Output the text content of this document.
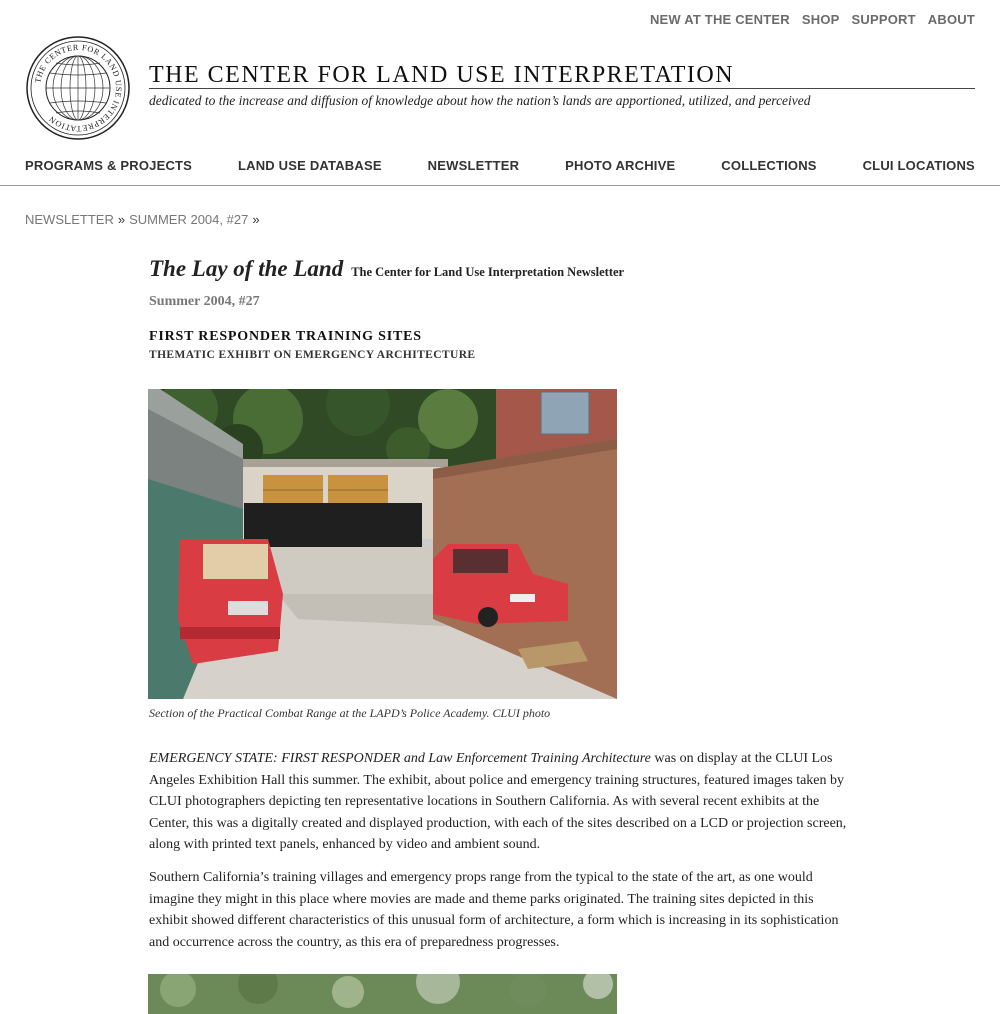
NEW AT THE CENTER SHOP SUPPORT ABOUT
THE CENTER FOR LAND USE INTERPRETATION
THE CENTER FOR LAND USE INTERPRETATION
dedicated to the increase and diffusion of knowledge about how the nation’s lands are apportioned, utilized, and perceived
PROGRAMS & PROJECTS	LAND USE DATABASE	NEWSLETTER	PHOTO ARCHIVE	COLLECTIONS	CLUI LOCATIONS
NEWSLETTER » SUMMER 2004, #27 »
The Lay of the Land The Center for Land Use Interpretation Newsletter
Summer 2004, #27
FIRST RESPONDER TRAINING SITES
THEMATIC EXHIBIT ON EMERGENCY ARCHITECTURE
Section of the Practical Combat Range at the LAPD’s Police Academy. CLUI photo

EMERGENCY STATE: FIRST RESPONDER and Law Enforcement Training Architecture was on display at the CLUI Los Angeles Exhibition Hall this summer. The exhibit, about police and emergency training structures, featured images taken by CLUI photographers depicting ten representative locations in Southern California. As with several recent exhibits at the Center, this was a digitally created and displayed production, with each of the sites described on a LCD or projection screen, along with printed text panels, enhanced by video and ambient sound.

Southern California’s training villages and emergency props range from the typical to the state of the art, as one would imagine they might in this place where movies are made and theme parks originated. The training sites depicted in this exhibit showed different characteristics of this unusual form of architecture, a form which is increasing in its sophistication and occurrence across the country, as this era of preparedness progresses.
